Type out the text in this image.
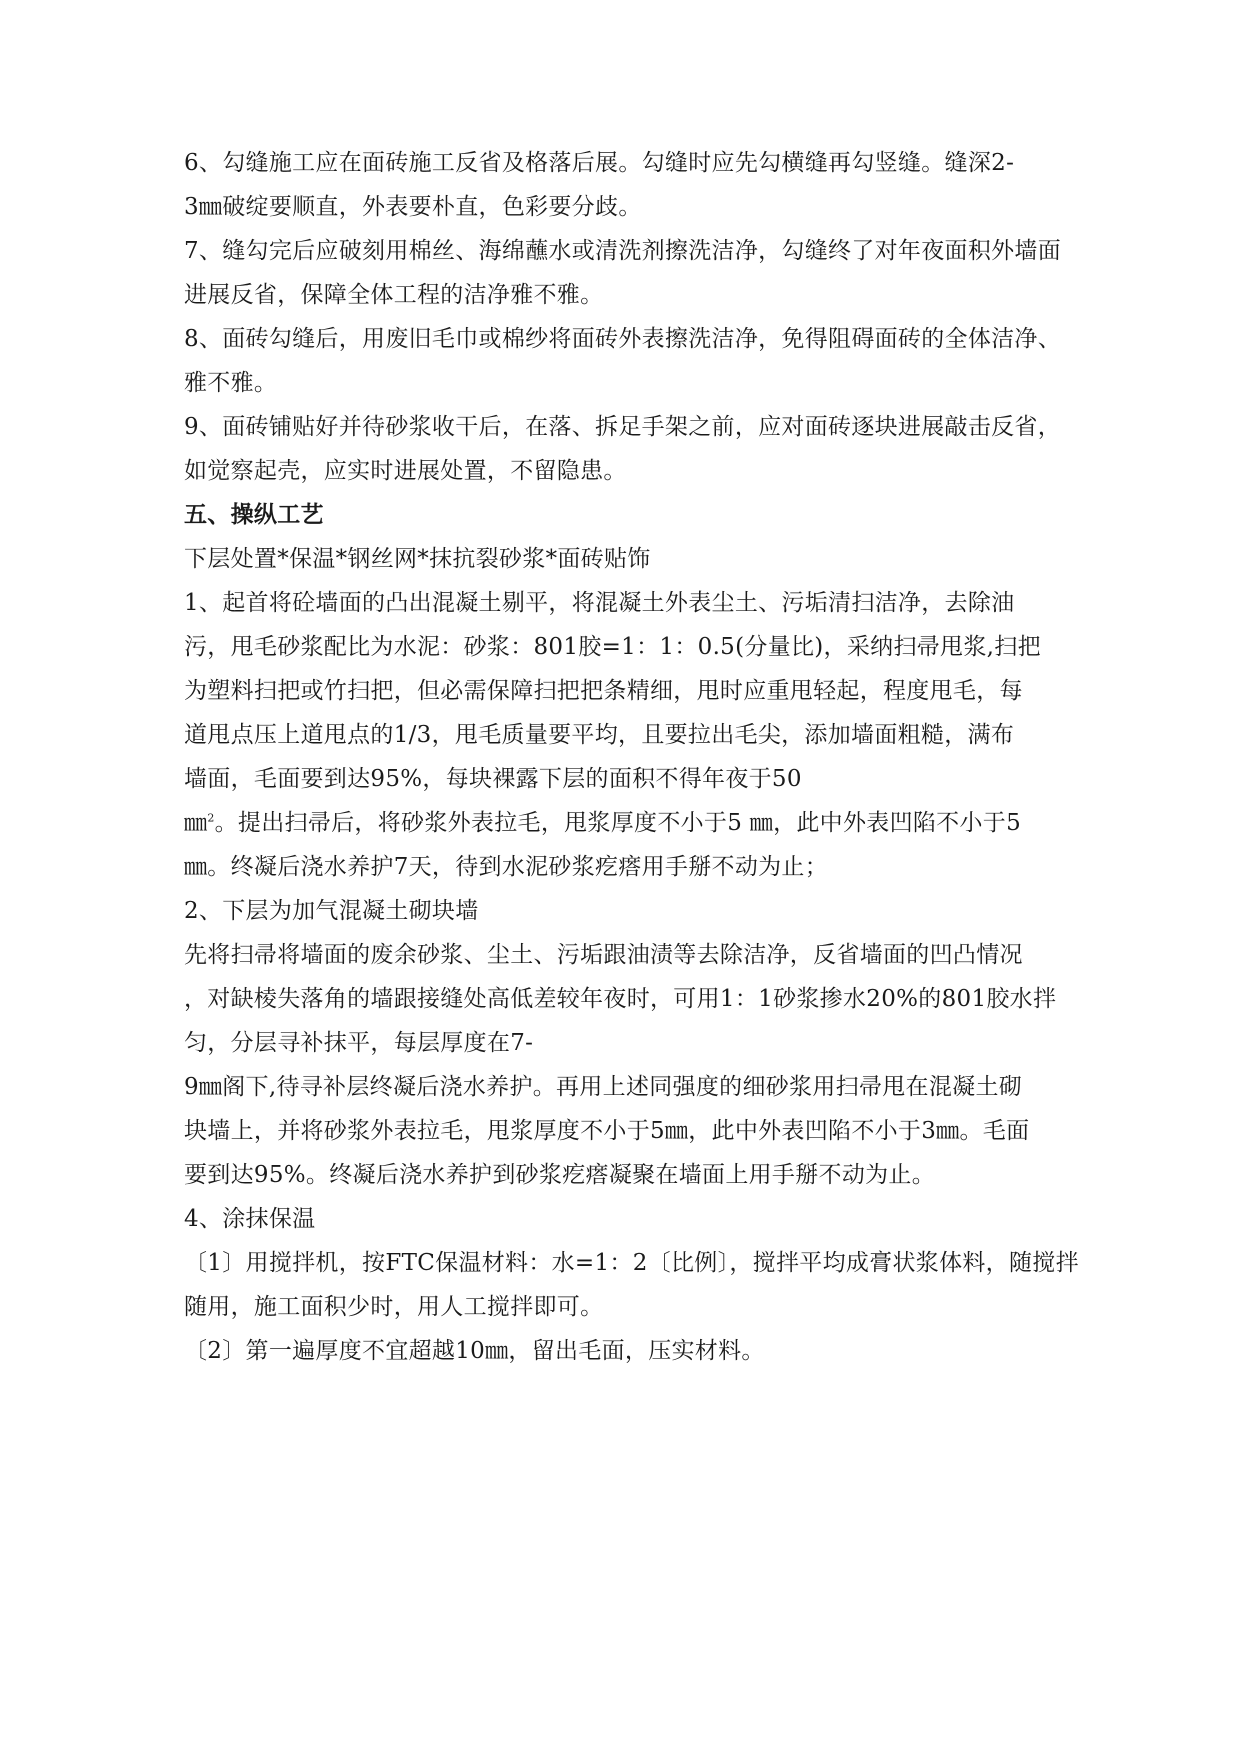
6、勾缝施工应在面砖施工反省及格落后展。勾缝时应先勾横缝再勾竖缝。缝深2-
3㎜破绽要顺直，外表要朴直，色彩要分歧。
7、缝勾完后应破刻用棉丝、海绵蘸水或清洗剂擦洗洁净，勾缝终了对年夜面积外墙面
进展反省，保障全体工程的洁净雅不雅。
8、面砖勾缝后，用废旧毛巾或棉纱将面砖外表擦洗洁净，免得阻碍面砖的全体洁净、
雅不雅。
9、面砖铺贴好并待砂浆收干后，在落、拆足手架之前，应对面砖逐块进展敲击反省，
如觉察起壳，应实时进展处置，不留隐患。
五、操纵工艺
下层处置*保温*钢丝网*抹抗裂砂浆*面砖贴饰
1、起首将砼墙面的凸出混凝土剔平，将混凝土外表尘土、污垢清扫洁净，去除油
污，甩毛砂浆配比为水泥：砂浆：801胶=1：1：0.5(分量比)，采纳扫帚甩浆,扫把
为塑料扫把或竹扫把，但必需保障扫把把条精细，甩时应重甩轻起，程度甩毛，每
道甩点压上道甩点的1/3，甩毛质量要平均，且要拉出毛尖，添加墙面粗糙，满布
墙面，毛面要到达95%，每块裸露下层的面积不得年夜于50
㎜$^2$。提出扫帚后，将砂浆外表拉毛，甩浆厚度不小于5 ㎜，此中外表凹陷不小于5
㎜。终凝后浇水养护7天，待到水泥砂浆疙瘩用手掰不动为止；
2、下层为加气混凝土砌块墙
先将扫帚将墙面的废余砂浆、尘土、污垢跟油渍等去除洁净，反省墙面的凹凸情况
，对缺棱失落角的墙跟接缝处高低差较年夜时，可用1：1砂浆掺水20%的801胶水拌
匀，分层寻补抹平，每层厚度在7-
9㎜阁下,待寻补层终凝后浇水养护。再用上述同强度的细砂浆用扫帚甩在混凝土砌
块墙上，并将砂浆外表拉毛，甩浆厚度不小于5㎜，此中外表凹陷不小于3㎜。毛面
要到达95%。终凝后浇水养护到砂浆疙瘩凝聚在墙面上用手掰不动为止。
4、涂抹保温
〔1〕用搅拌机，按FTC保温材料：水=1：2〔比例〕，搅拌平均成膏状浆体料，随搅拌
随用，施工面积少时，用人工搅拌即可。
〔2〕第一遍厚度不宜超越10㎜，留出毛面，压实材料。
